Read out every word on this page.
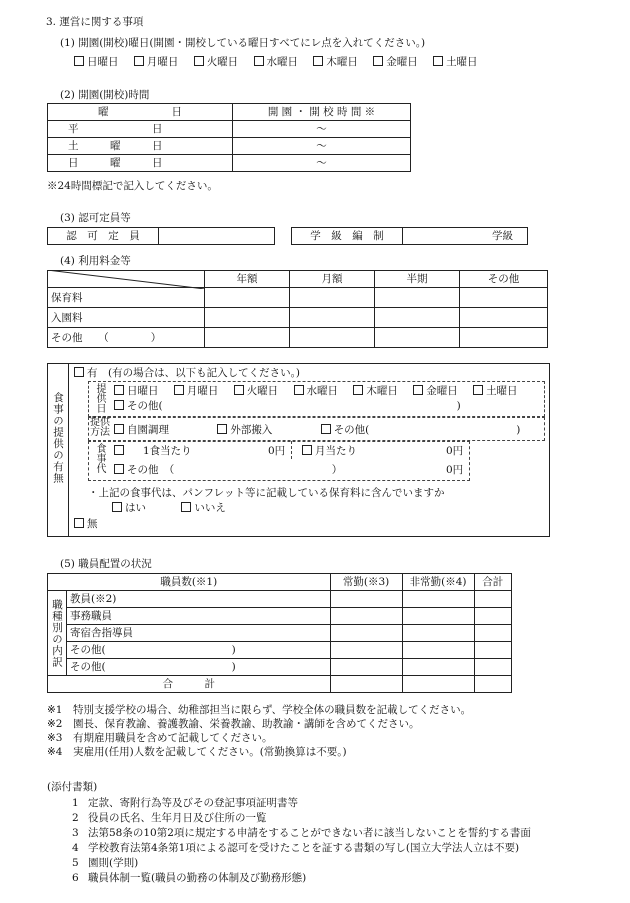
3. 運営に関する事項
(1) 開園(開校)曜日(開園・開校している曜日すべてにレ点を入れてください。)
日曜日	月曜日	火曜日	水曜日	木曜日	金曜日	土曜日
(2) 開園(開校)時間
曜　　　　　　日	開 園 ・ 開 校 時 間 ※
平　　　　　　　日	〜
土　　　曜　　　日	〜
日　　　曜　　　日	〜
※24時間標記で記入してください。
(3) 認可定員等
認　可　定　員		学　級　編　制	学級
(4) 利用料金等
	年額	月額	半期	その他
保育料				
入園料				
その他　　（　　　　）				
食事の提供の有無
有　(有の場合は、以下も記入してください。)
提供日	日曜日	月曜日	火曜日	水曜日	木曜日	金曜日	土曜日
その他(　　　　　　　　　　　　　　　　　　　　　　　　　　　　)
提供方法	自園調理	外部搬入	その他(　　　　　　　　　　　　　　)
食事代	1食当たり	0円	月当たり	0円
その他　（　　　　　　　　　　　　　　　）	0円
・上記の食事代は、パンフレット等に記載している保育料に含んでいますか
はい	いいえ
無
(5) 職員配置の状況
職員数(※1)		常勤(※3)	非常勤(※4)	合計

職種別の内訳	教員(※2)			
	事務職員			
	寄宿舎指導員			
	その他(　　　　　　　　　　　　)			
	その他(　　　　　　　　　　　　)			
合　　　計				
※1 特別支援学校の場合、幼稚部担当に限らず、学校全体の職員数を記載してください。
※2 園長、保育教諭、養護教諭、栄養教諭、助教諭・講師を含めてください。
※3 有期雇用職員を含めて記載してください。
※4 実雇用(任用)人数を記載してください。(常勤換算は不要。)
(添付書類)
1 定款、寄附行為等及びその登記事項証明書等
2 役員の氏名、生年月日及び住所の一覧
3 法第58条の10第2項に規定する申請をすることができない者に該当しないことを誓約する書面
4 学校教育法第4条第1項による認可を受けたことを証する書類の写し(国立大学法人立は不要)
5 園則(学則)
6 職員体制一覧(職員の勤務の体制及び勤務形態)
